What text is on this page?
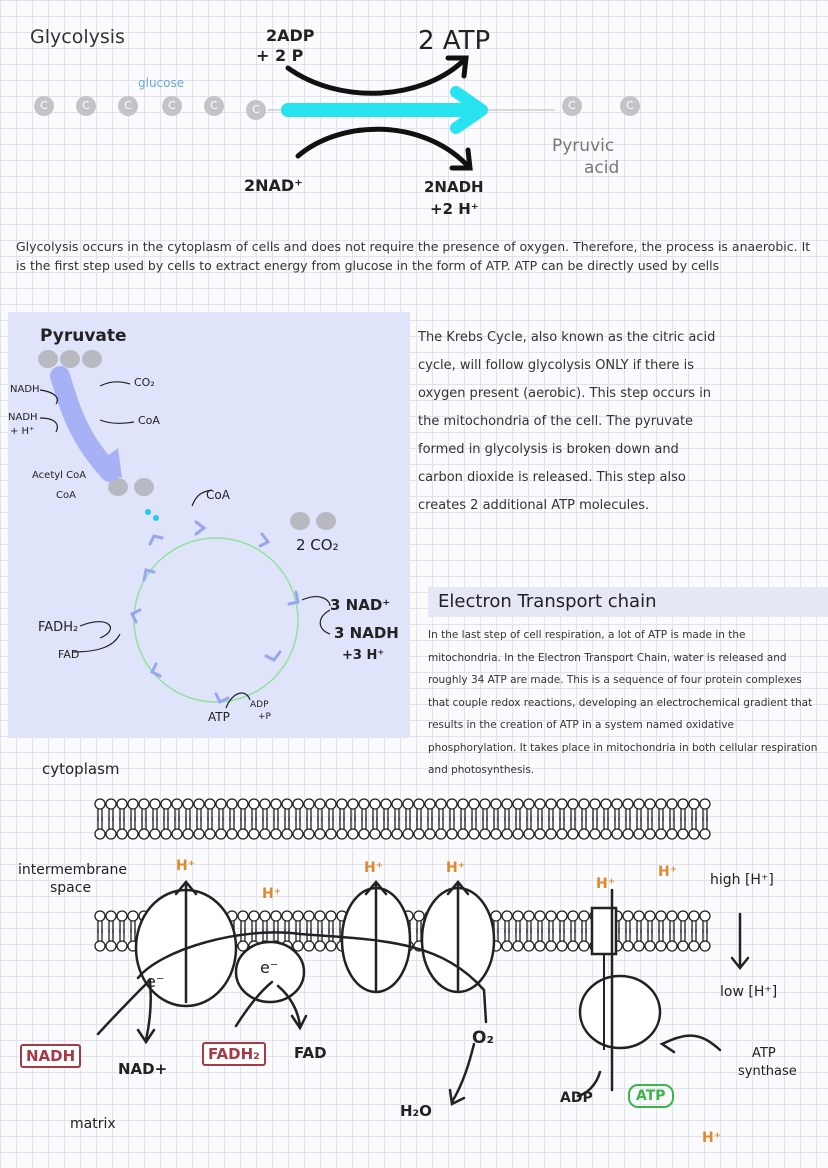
Glycolysis
glucose
C	C	C	C	C	C	C	C
2ADP
+ 2 P	2 ATP
2NAD⁺	2NADH
+2 H⁺
Pyruvic
acid
Glycolysis occurs in the cytoplasm of cells and does not require the presence of oxygen. Therefore, the process is anaerobic. It is the first step used by cells to extract energy from glucose in the form of ATP. ATP can be directly used by cells
Pyruvate
NADH
NADH
+ H⁺
CO₂
CoA
Acetyl CoA
CoA	CoA
2 CO₂
3 NAD⁺
3 NADH
+3 H⁺
FADH₂
FAD
ATP
ADP
+P
The Krebs Cycle, also known as the citric acid cycle, will follow glycolysis ONLY if there is oxygen present (aerobic). This step occurs in the mitochondria of the cell. The pyruvate formed in glycolysis is broken down and carbon dioxide is released. This step also creates 2 additional ATP molecules.
Electron Transport chain
In the last step of cell respiration, a lot of ATP is made in the mitochondria. In the Electron Transport Chain, water is released and roughly 34 ATP are made. This is a sequence of four protein complexes that couple redox reactions, developing an electrochemical gradient that results in the creation of ATP in a system named oxidative phosphorylation. It takes place in mitochondria in both cellular respiration and photosynthesis.
cytoplasm
intermembrane
space
H⁺
H⁺
H⁺	H⁺
H⁺
H⁺
H⁺
high [H⁺]
low [H⁺]
e⁻
e⁻
NADH
NAD+
FADH₂	FAD
O₂
H₂O
ADP	ATP
ATP
synthase
matrix
